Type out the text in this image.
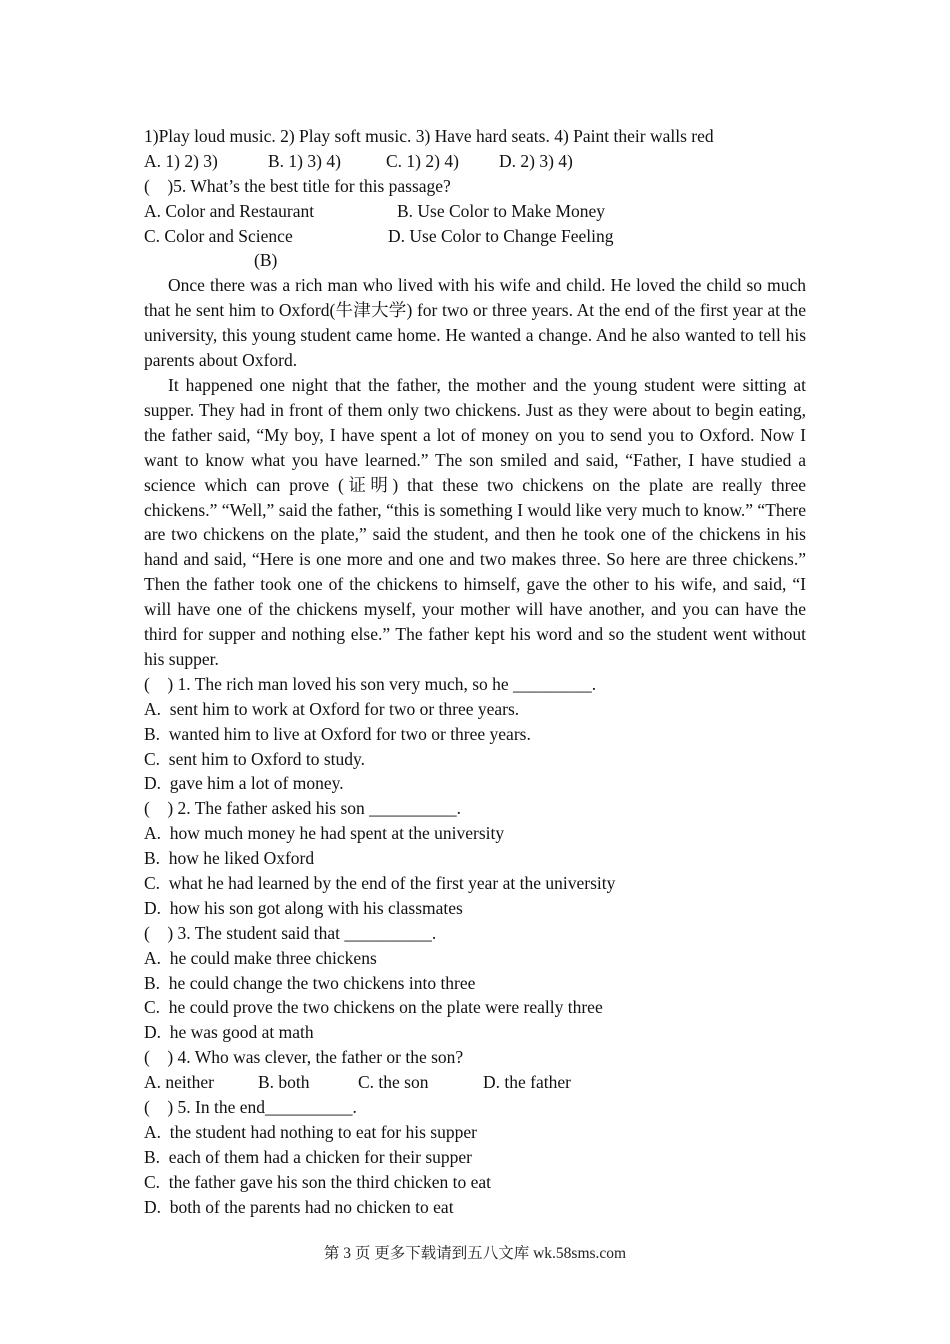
1)Play loud music. 2) Play soft music. 3) Have hard seats. 4) Paint their walls red
A. 1) 2) 3)	B. 1) 3) 4)	C. 1) 2) 4) D. 2) 3) 4)
(    )5. What’s the best title for this passage?
A. Color and Restaurant	B. Use Color to Make Money
C. Color and Science	D. Use Color to Change Feeling
(B)

Once there was a rich man who lived with his wife and child. He loved the child so much that he sent him to Oxford(牛津大学) for two or three years. At the end of the first year at the university, this young student came home. He wanted a change. And he also wanted to tell his parents about Oxford.

It happened one night that the father, the mother and the young student were sitting at supper. They had in front of them only two chickens. Just as they were about to begin eating, the father said, “My boy, I have spent a lot of money on you to send you to Oxford. Now I want to know what you have learned.” The son smiled and said, “Father, I have studied a science which can prove (证明) that these two chickens on the plate are really three chickens.” “Well,” said the father, “this is something I would like very much to know.” “There are two chickens on the plate,” said the student, and then he took one of the chickens in his hand and said, “Here is one more and one and two makes three. So here are three chickens.” Then the father took one of the chickens to himself, gave the other to his wife, and said, “I will have one of the chickens myself, your mother will have another, and you can have the third for supper and nothing else.” The father kept his word and so the student went without his supper.

(    ) 1. The rich man loved his son very much, so he _________.
A.  sent him to work at Oxford for two or three years.
B.  wanted him to live at Oxford for two or three years.
C.  sent him to Oxford to study.
D.  gave him a lot of money.
(    ) 2. The father asked his son __________.
A.  how much money he had spent at the university
B.  how he liked Oxford
C.  what he had learned by the end of the first year at the university
D.  how his son got along with his classmates
(    ) 3. The student said that __________.
A.  he could make three chickens
B.  he could change the two chickens into three
C.  he could prove the two chickens on the plate were really three
D.  he was good at math
(    ) 4. Who was clever, the father or the son?
A. neither	B. both	C. the son	D. the father
(    ) 5. In the end__________.
A.  the student had nothing to eat for his supper
B.  each of them had a chicken for their supper
C.  the father gave his son the third chicken to eat
D.  both of the parents had no chicken to eat
第 3 页 更多下载请到五八文库 wk.58sms.com
